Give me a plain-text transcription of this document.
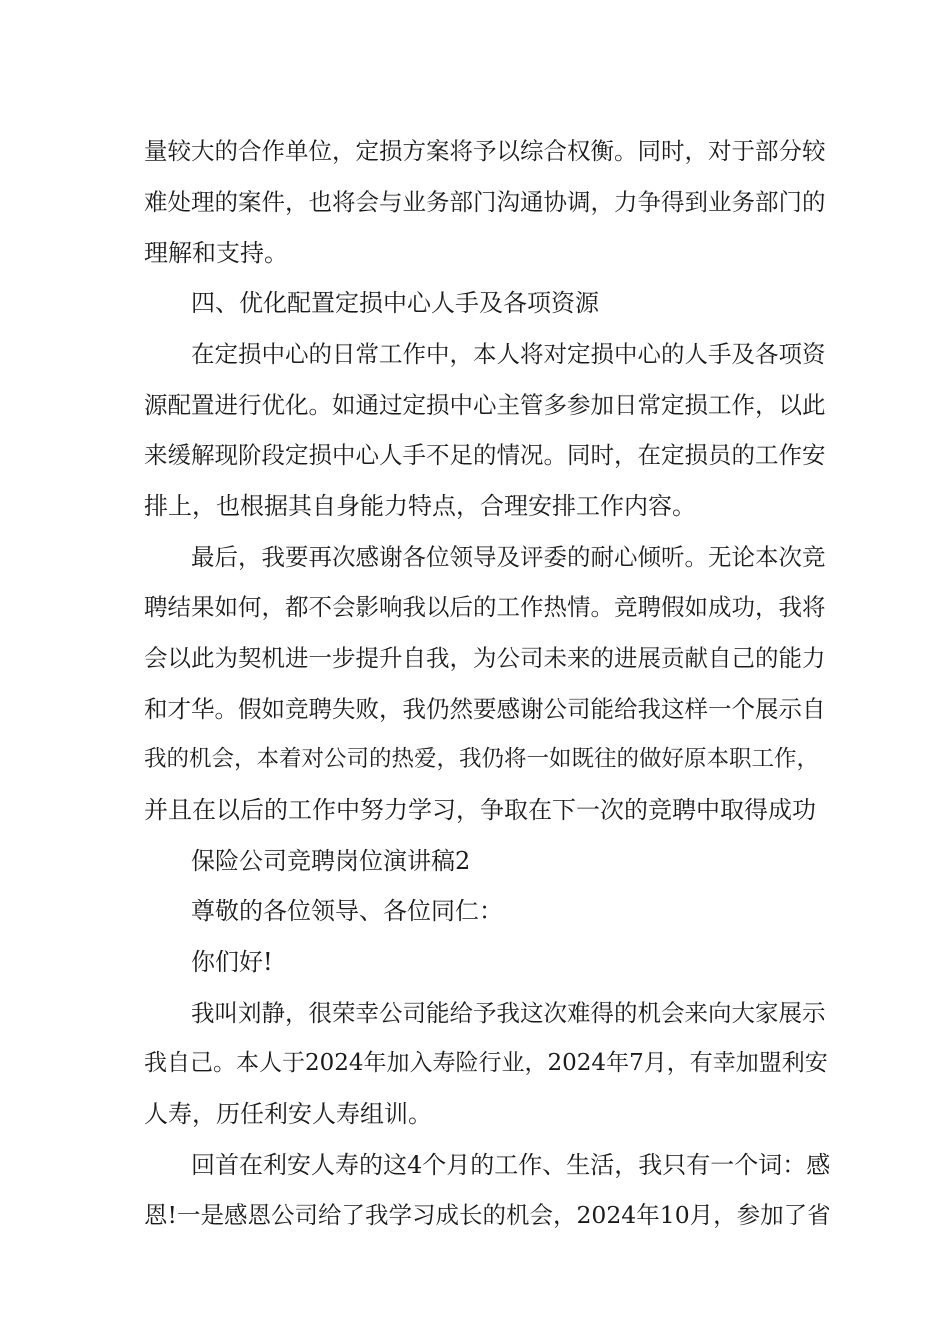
量较大的合作单位，定损方案将予以综合权衡。同时，对于部分较
难处理的案件，也将会与业务部门沟通协调，力争得到业务部门的
理解和支持。
四、优化配置定损中心人手及各项资源
在定损中心的日常工作中，本人将对定损中心的人手及各项资
源配置进行优化。如通过定损中心主管多参加日常定损工作，以此
来缓解现阶段定损中心人手不足的情况。同时，在定损员的工作安
排上，也根据其自身能力特点，合理安排工作内容。
最后，我要再次感谢各位领导及评委的耐心倾听。无论本次竞
聘结果如何，都不会影响我以后的工作热情。竞聘假如成功，我将
会以此为契机进一步提升自我，为公司未来的进展贡献自己的能力
和才华。假如竞聘失败，我仍然要感谢公司能给我这样一个展示自
我的机会，本着对公司的热爱，我仍将一如既往的做好原本职工作，
并且在以后的工作中努力学习，争取在下一次的竞聘中取得成功
保险公司竞聘岗位演讲稿2
尊敬的各位领导、各位同仁：
你们好!
我叫刘静，很荣幸公司能给予我这次难得的机会来向大家展示
我自己。本人于2024年加入寿险行业，2024年7月，有幸加盟利安
人寿，历任利安人寿组训。
回首在利安人寿的这4个月的工作、生活，我只有一个词：感
恩!一是感恩公司给了我学习成长的机会，2024年10月，参加了省
